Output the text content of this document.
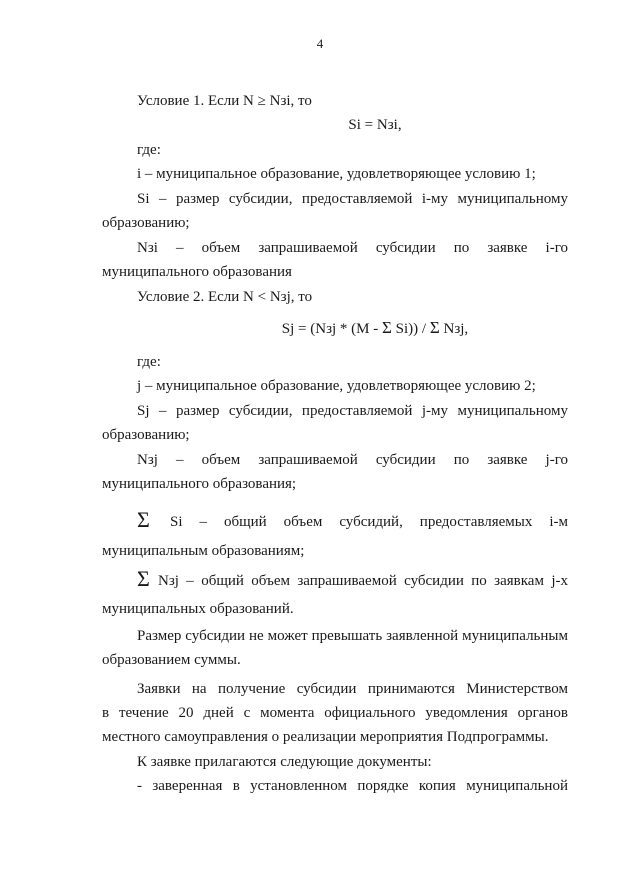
4
Условие 1. Если N ≥ Nзi, то
Si = Nзi,
где:
i – муниципальное образование, удовлетворяющее условию 1;
Si – размер субсидии, предоставляемой i-му муниципальному
образованию;
Nзi – объем запрашиваемой субсидии по заявке i-го
муниципального образования
Условие 2. Если N < Nзj, то
Sj = (Nзj * (M - Σ Si)) / Σ Nзj,
где:
j – муниципальное образование, удовлетворяющее условию 2;
Sj – размер субсидии, предоставляемой j-му муниципальному
образованию;
Nзj – объем запрашиваемой субсидии по заявке j-го
муниципального образования;
Σ	Si – общий объем субсидий, предоставляемых i-м
муниципальным образованиям;
Σ Nзj – общий объем запрашиваемой субсидии по заявкам j-х
муниципальных образований.
Размер субсидии не может превышать заявленной муниципальным
образованием суммы.
Заявки на получение субсидии принимаются Министерством
в течение 20 дней с момента официального уведомления органов
местного самоуправления о реализации мероприятия Подпрограммы.
К заявке прилагаются следующие документы:
- заверенная в установленном порядке копия муниципальной
